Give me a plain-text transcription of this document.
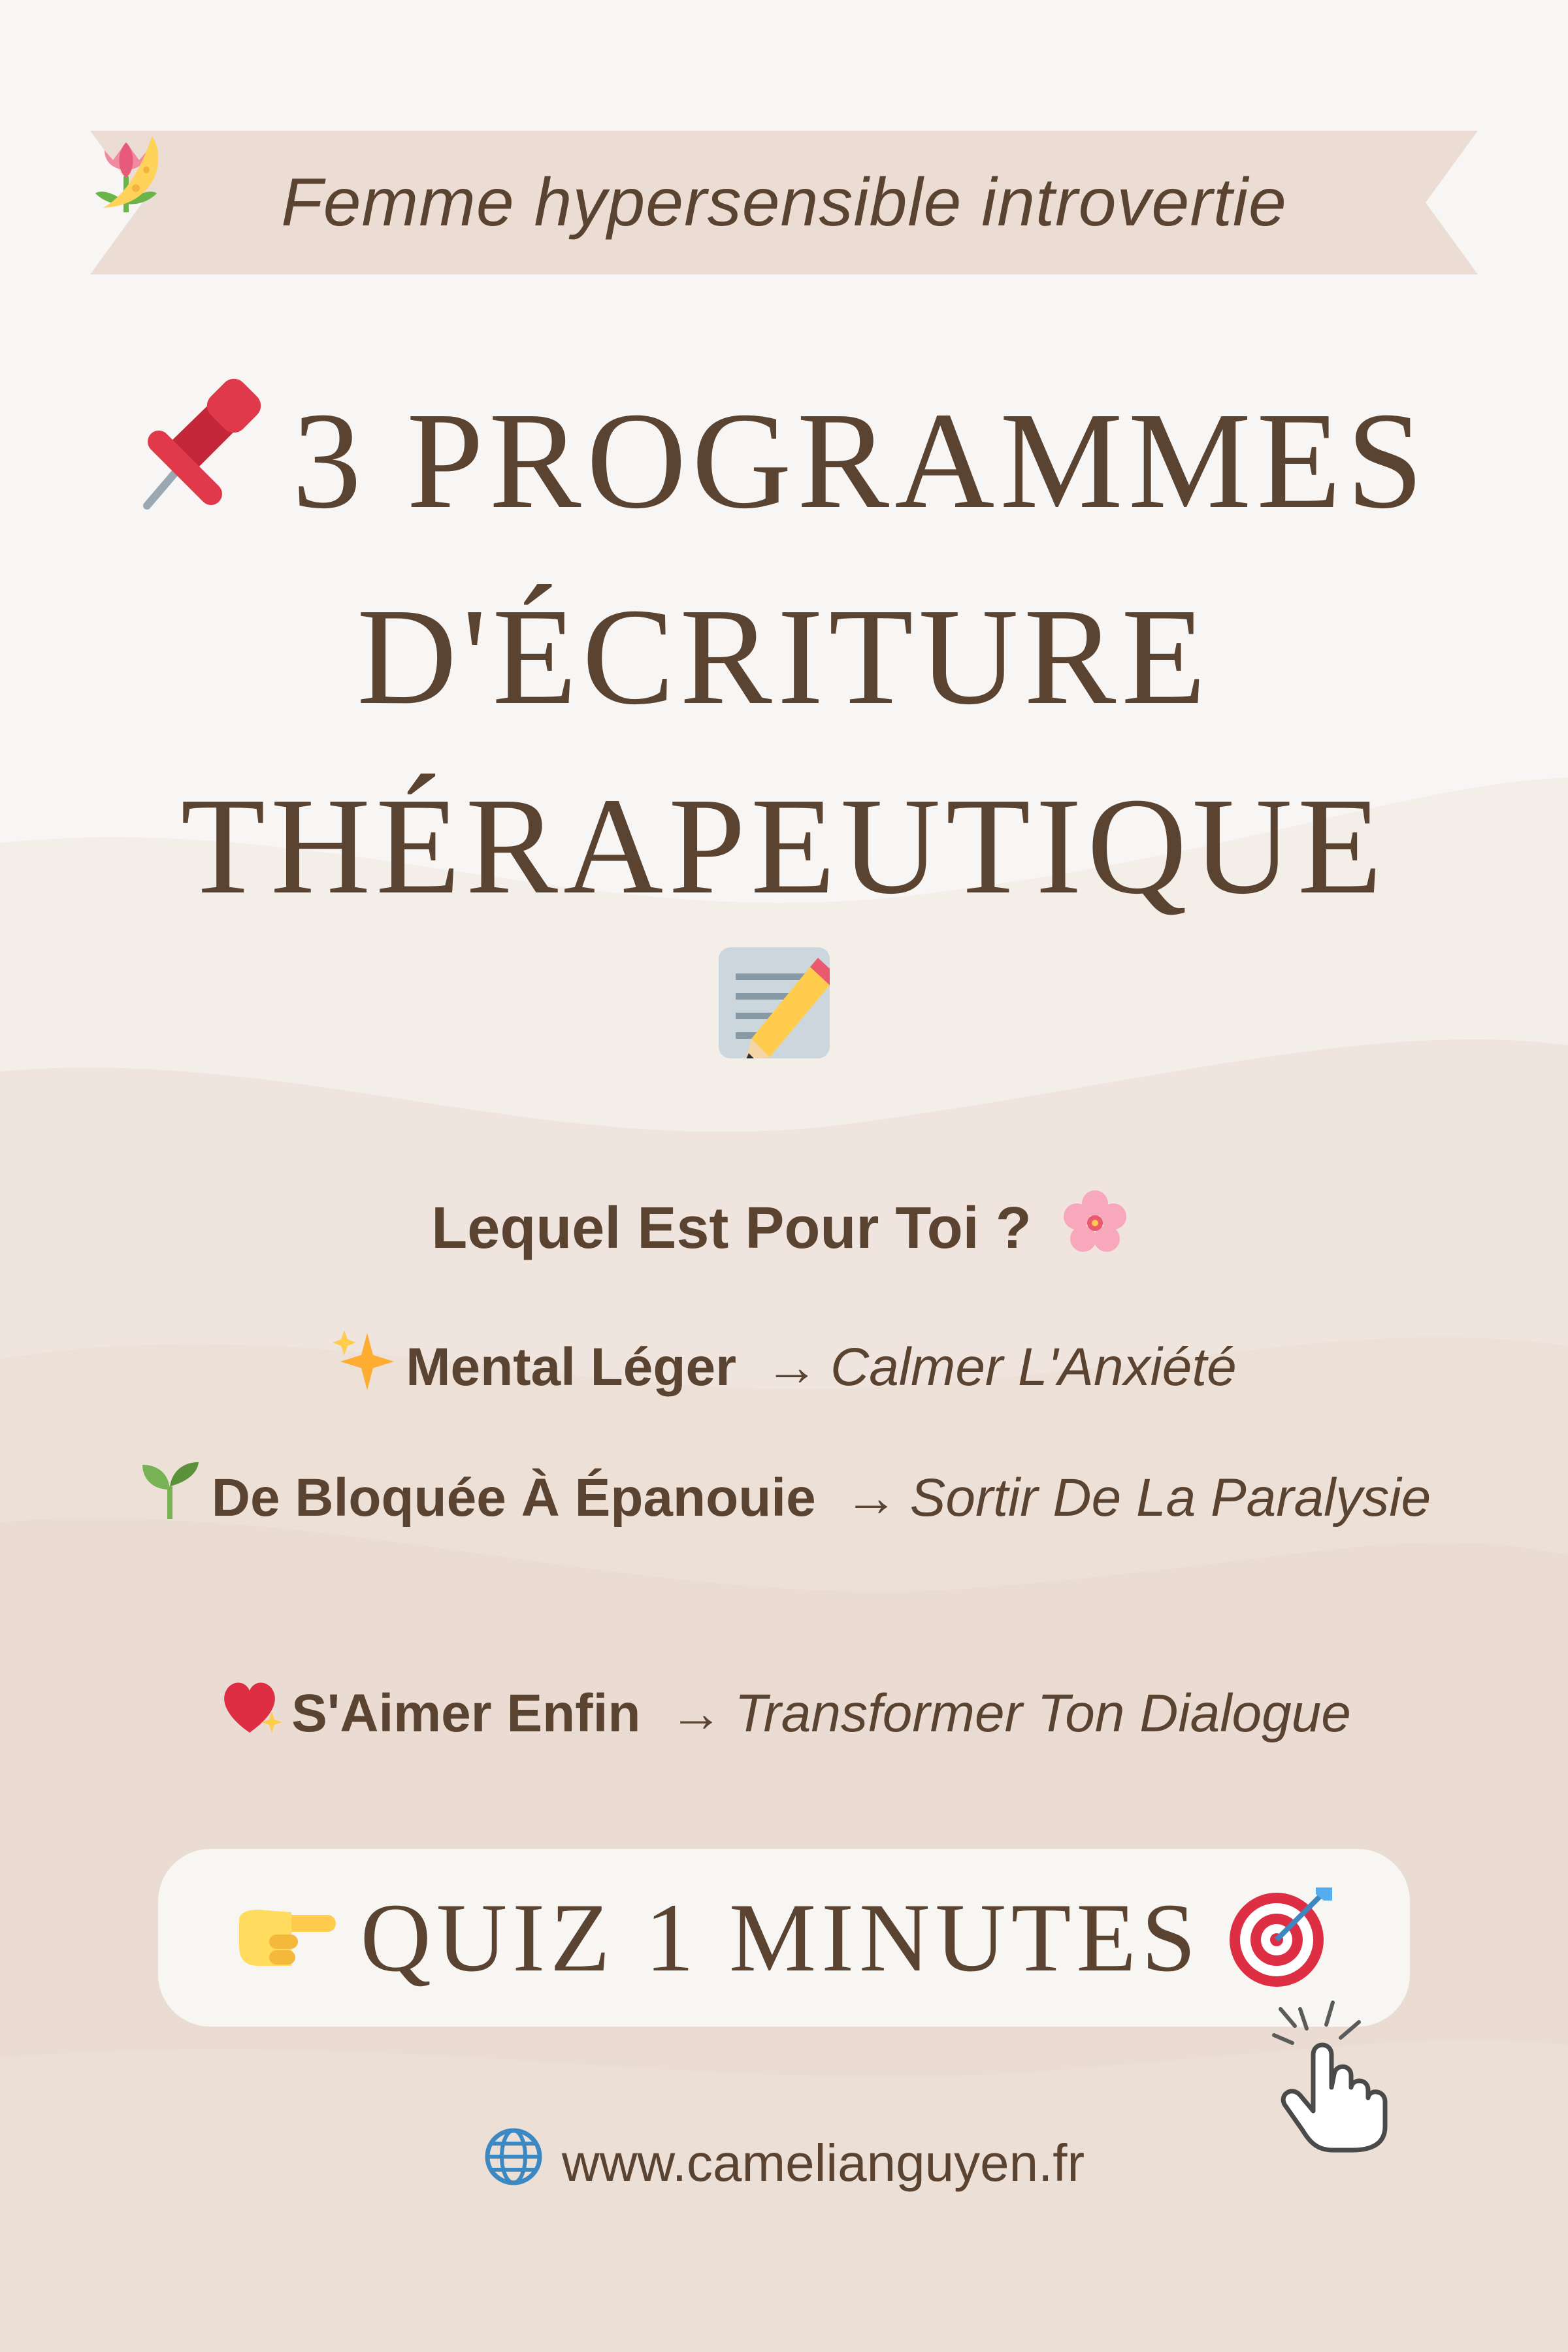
Femme hypersensible introvertie
3 PROGRAMMES
D'ÉCRITURE
THÉRAPEUTIQUE
Lequel Est Pour Toi ?
Mental Léger → Calmer L'Anxiété
De Bloquée À Épanouie → Sortir De La Paralysie
S'Aimer Enfin → Transformer Ton Dialogue
QUIZ 1 MINUTES
www.camelianguyen.fr
